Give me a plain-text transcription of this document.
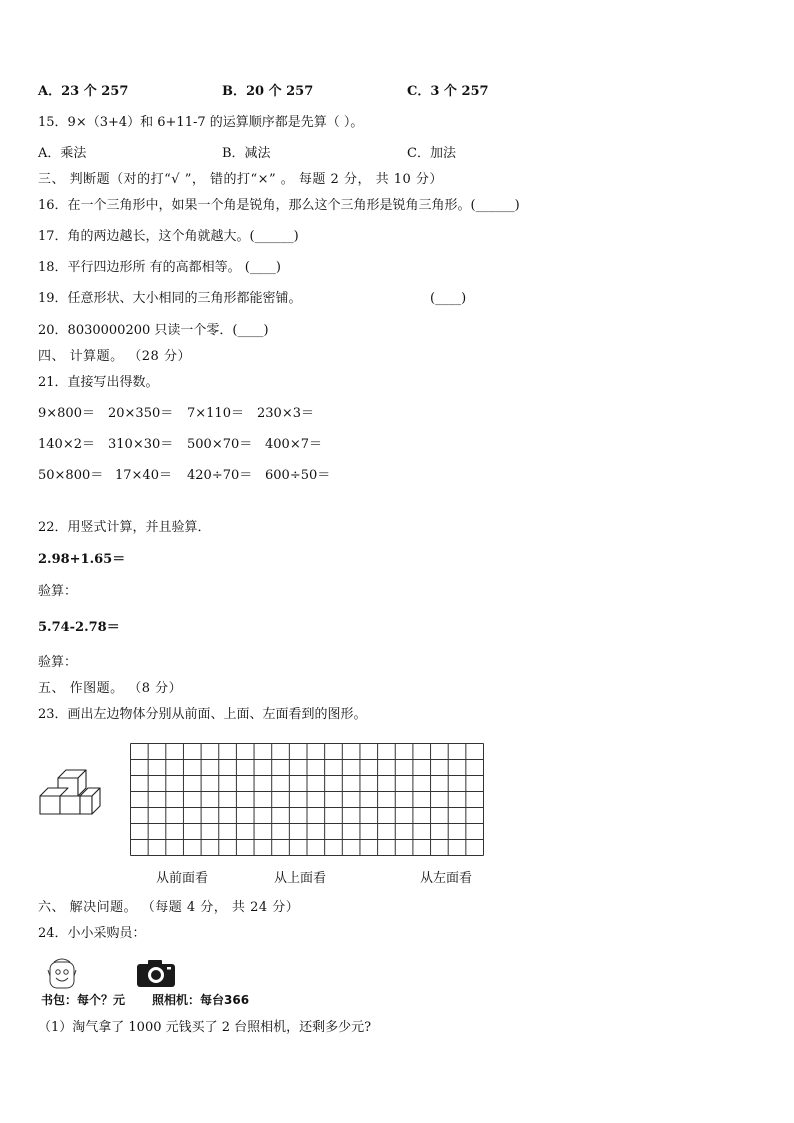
A．23 个 257	B．20 个 257	C．3 个 257
15．9×（3+4）和 6+11-7 的运算顺序都是先算（ ）。
A．乘法	B．减法	C．加法
三、 判断题（对的打“√ ”， 错的打“×” 。 每题 2 分， 共 10 分）
16．在一个三角形中，如果一个角是锐角，那么这个三角形是锐角三角形。(______)
17．角的两边越长，这个角就越大。(______)
18．平行四边形所 有的高都相等。 (____)
19．任意形状、大小相同的三角形都能密铺。	(____)
20．8030000200 只读一个零．(____)
四、 计算题。 （28 分）
21．直接写出得数。
9×800＝ 20×350＝ 7×110＝ 230×3＝
140×2＝ 310×30＝ 500×70＝ 400×7＝
50×800＝ 17×40＝ 420÷70＝ 600÷50＝
22．用竖式计算，并且验算．
2.98+1.65＝
验算：
5.74-2.78＝
验算：
五、 作图题。 （8 分）
23．画出左边物体分别从前面、上面、左面看到的图形。
从前面看	从上面看	从左面看
六、 解决问题。 （每题 4 分， 共 24 分）
24．小小采购员：
书包：每个？元 照相机：每台366
（1）淘气拿了 1000 元钱买了 2 台照相机，还剩多少元?
